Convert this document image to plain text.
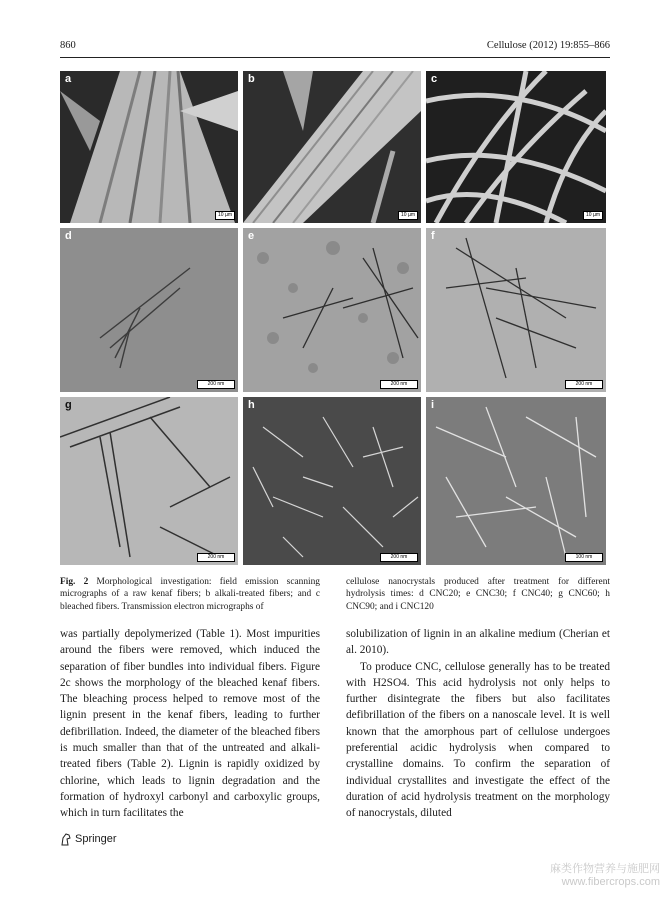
860	Cellulose (2012) 19:855–866
a
10 µm
b
10 µm
c
10 µm
d
200 nm
e
200 nm
f
200 nm
g
200 nm
h
200 nm
i
100 nm

Fig. 2 Morphological investigation: field emission scanning micrographs of a raw kenaf fibers; b alkali-treated fibers; and c bleached fibers. Transmission electron micrographs of

cellulose nanocrystals produced after treatment for different hydrolysis times: d CNC20; e CNC30; f CNC40; g CNC60; h CNC90; and i CNC120

was partially depolymerized (Table 1). Most impurities around the fibers were removed, which induced the separation of fiber bundles into individual fibers. Figure 2c shows the morphology of the bleached kenaf fibers. The bleaching process helped to remove most of the lignin present in the kenaf fibers, leading to further defibrillation. Indeed, the diameter of the bleached fibers is much smaller than that of the untreated and alkali-treated fibers (Table 2). Lignin is rapidly oxidized by chlorine, which leads to lignin degradation and the formation of hydroxyl carbonyl and carboxylic groups, which in turn facilitates the

solubilization of lignin in an alkaline medium (Cherian et al. 2010).

To produce CNC, cellulose generally has to be treated with H2SO4. This acid hydrolysis not only helps to further disintegrate the fibers but also facilitates defibrillation of the fibers on a nanoscale level. It is well known that the amorphous part of cellulose undergoes preferential acidic hydrolysis when compared to crystalline domains. To confirm the separation of individual crystallites and investigate the effect of the duration of acid hydrolysis treatment on the morphology of nanocrystals, diluted

Springer
麻类作物营养与施肥网
www.fibercrops.com
